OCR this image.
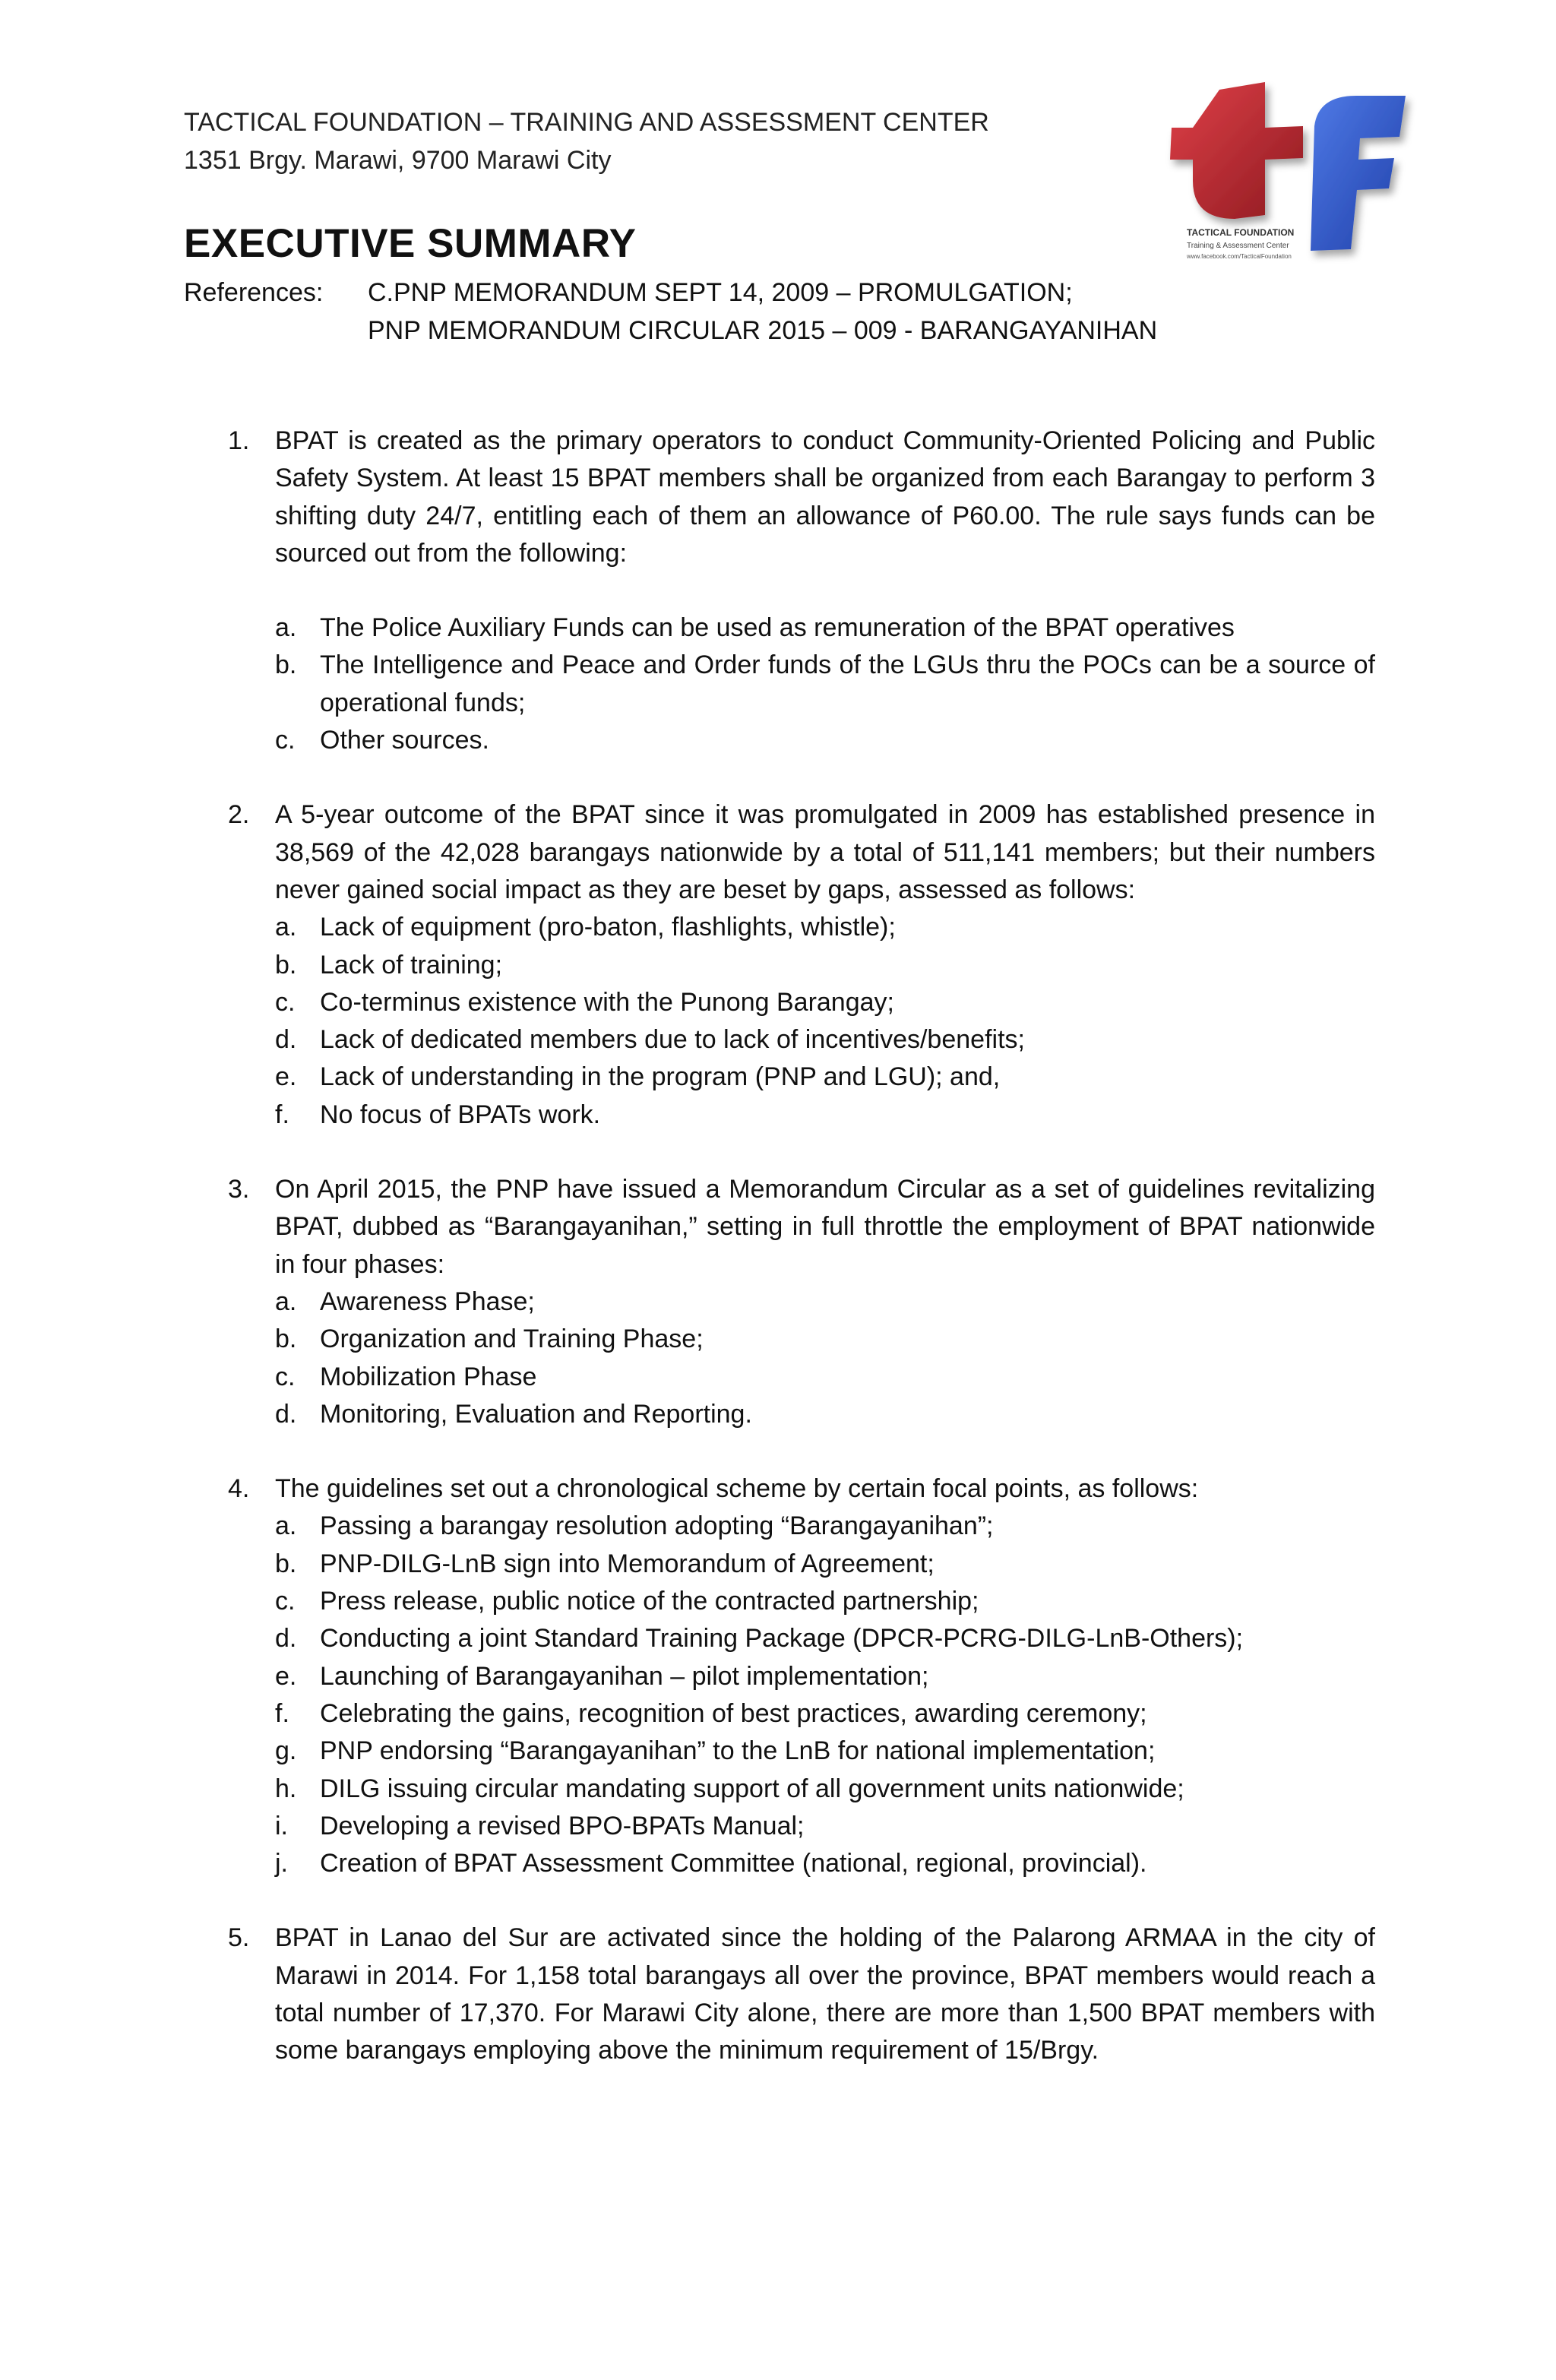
TACTICAL FOUNDATION – TRAINING AND ASSESSMENT CENTER
1351 Brgy. Marawi, 9700 Marawi City
TACTICAL FOUNDATION
Training & Assessment Center
www.facebook.com/TacticalFoundation
EXECUTIVE SUMMARY
References: C.PNP MEMORANDUM SEPT 14, 2009 – PROMULGATION;
PNP MEMORANDUM CIRCULAR 2015 – 009 - BARANGAYANIHAN
1. BPAT is created as the primary operators to conduct Community-Oriented Policing and Public Safety System. At least 15 BPAT members shall be organized from each Barangay to perform 3 shifting duty 24/7, entitling each of them an allowance of P60.00. The rule says funds can be sourced out from the following:

a. The Police Auxiliary Funds can be used as remuneration of the BPAT operatives
b. The Intelligence and Peace and Order funds of the LGUs thru the POCs can be a source of operational funds;
c. Other sources.
2. A 5-year outcome of the BPAT since it was promulgated in 2009 has established presence in 38,569 of the 42,028 barangays nationwide by a total of 511,141 members; but their numbers never gained social impact as they are beset by gaps, assessed as follows:

a. Lack of equipment (pro-baton, flashlights, whistle);
b. Lack of training;
c. Co-terminus existence with the Punong Barangay;
d. Lack of dedicated members due to lack of incentives/benefits;
e. Lack of understanding in the program (PNP and LGU); and,
f. No focus of BPATs work.
3. On April 2015, the PNP have issued a Memorandum Circular as a set of guidelines revitalizing BPAT, dubbed as “Barangayanihan,” setting in full throttle the employment of BPAT nationwide in four phases:

a. Awareness Phase;
b. Organization and Training Phase;
c. Mobilization Phase
d. Monitoring, Evaluation and Reporting.
4. The guidelines set out a chronological scheme by certain focal points, as follows:

a. Passing a barangay resolution adopting “Barangayanihan”;
b. PNP-DILG-LnB sign into Memorandum of Agreement;
c. Press release, public notice of the contracted partnership;
d. Conducting a joint Standard Training Package (DPCR-PCRG-DILG-LnB-Others);
e. Launching of Barangayanihan – pilot implementation;
f. Celebrating the gains, recognition of best practices, awarding ceremony;
g. PNP endorsing “Barangayanihan” to the LnB for national implementation;
h. DILG issuing circular mandating support of all government units nationwide;
i. Developing a revised BPO-BPATs Manual;
j. Creation of BPAT Assessment Committee (national, regional, provincial).
5. BPAT in Lanao del Sur are activated since the holding of the Palarong ARMAA in the city of Marawi in 2014. For 1,158 total barangays all over the province, BPAT members would reach a total number of 17,370. For Marawi City alone, there are more than 1,500 BPAT members with some barangays employing above the minimum requirement of 15/Brgy.
